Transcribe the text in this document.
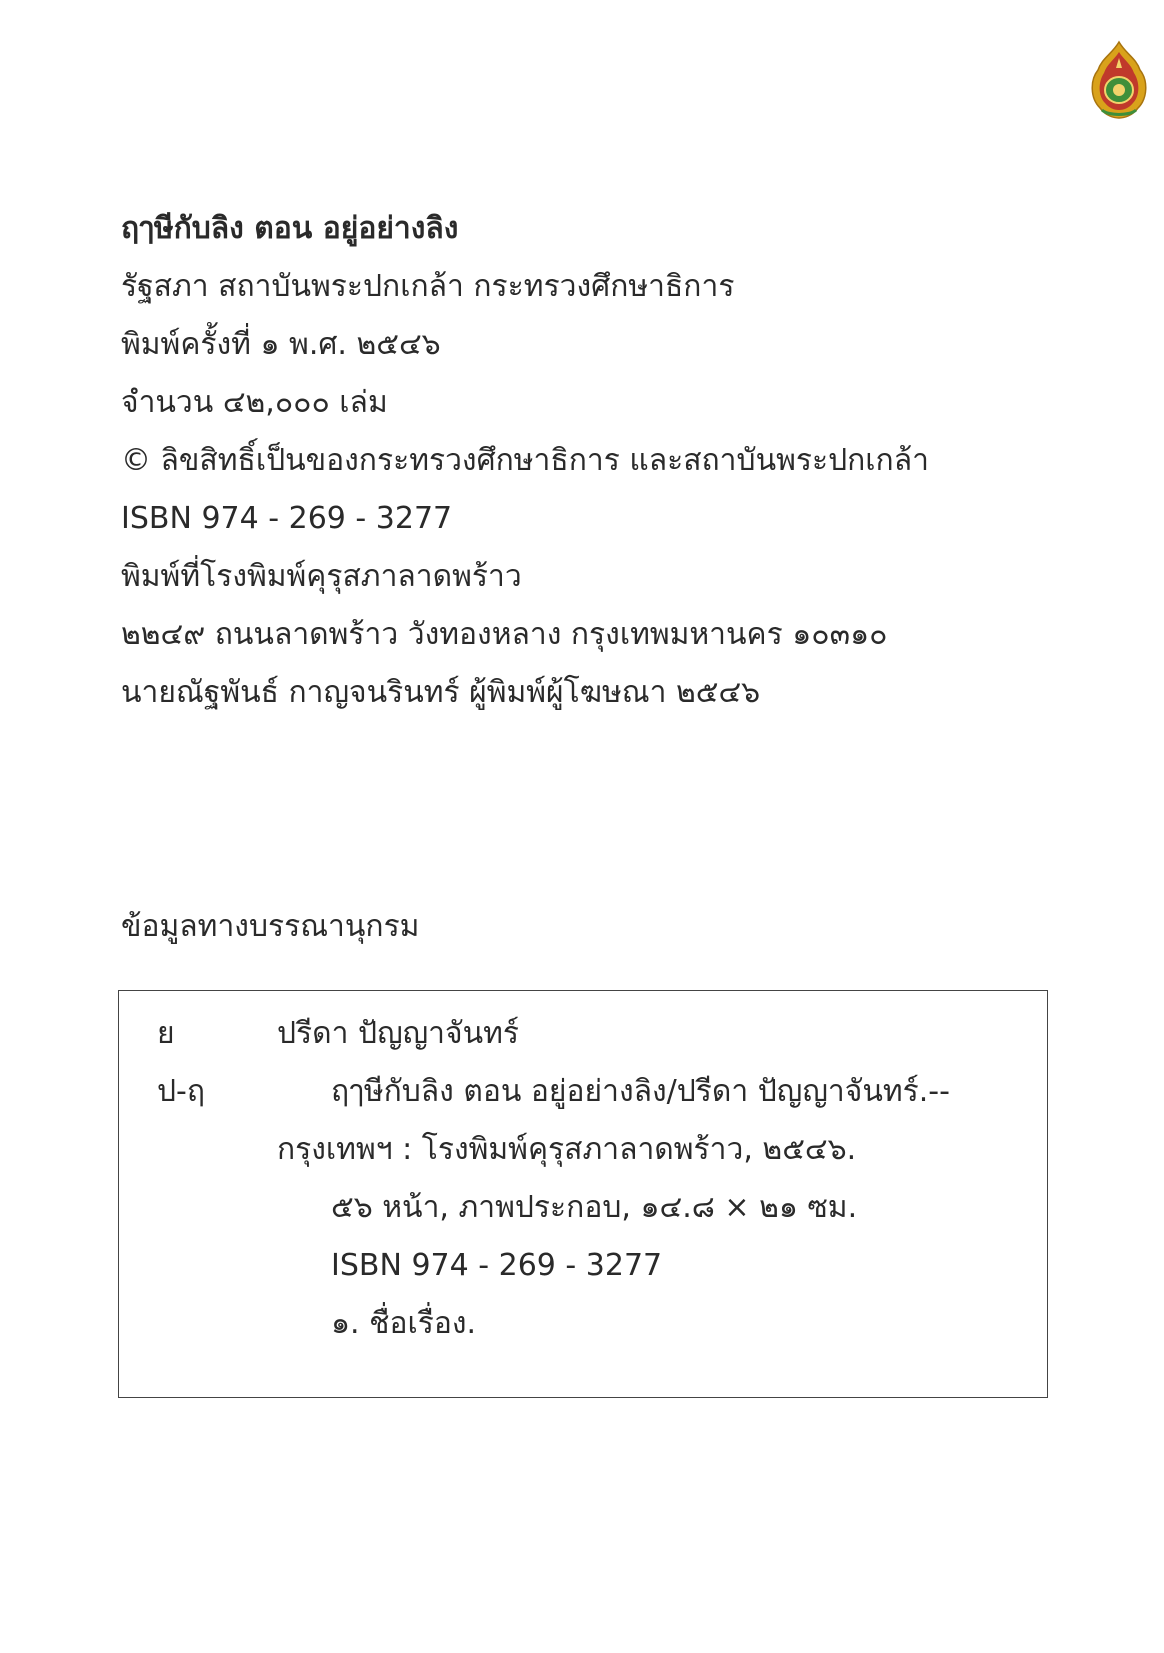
ฤๅษีกับลิง ตอน อยู่อย่างลิง
รัฐสภา สถาบันพระปกเกล้า กระทรวงศึกษาธิการ
พิมพ์ครั้งที่ ๑ พ.ศ. ๒๕๔๖
จำนวน ๔๒,๐๐๐ เล่ม
© ลิขสิทธิ์เป็นของกระทรวงศึกษาธิการ และสถาบันพระปกเกล้า
ISBN 974 - 269 - 3277
พิมพ์ที่โรงพิมพ์คุรุสภาลาดพร้าว
๒๒๔๙ ถนนลาดพร้าว วังทองหลาง กรุงเทพมหานคร ๑๐๓๑๐
นายณัฐพันธ์ กาญจนรินทร์ ผู้พิมพ์ผู้โฆษณา ๒๕๔๖
ข้อมูลทางบรรณานุกรม
ย	ปรีดา ปัญญาจันทร์
ป-ฤ	ฤๅษีกับลิง ตอน อยู่อย่างลิง/ปรีดา ปัญญาจันทร์.--
กรุงเทพฯ : โรงพิมพ์คุรุสภาลาดพร้าว, ๒๕๔๖.
๕๖ หน้า, ภาพประกอบ, ๑๔.๘ × ๒๑ ซม.
ISBN 974 - 269 - 3277
๑. ชื่อเรื่อง.
